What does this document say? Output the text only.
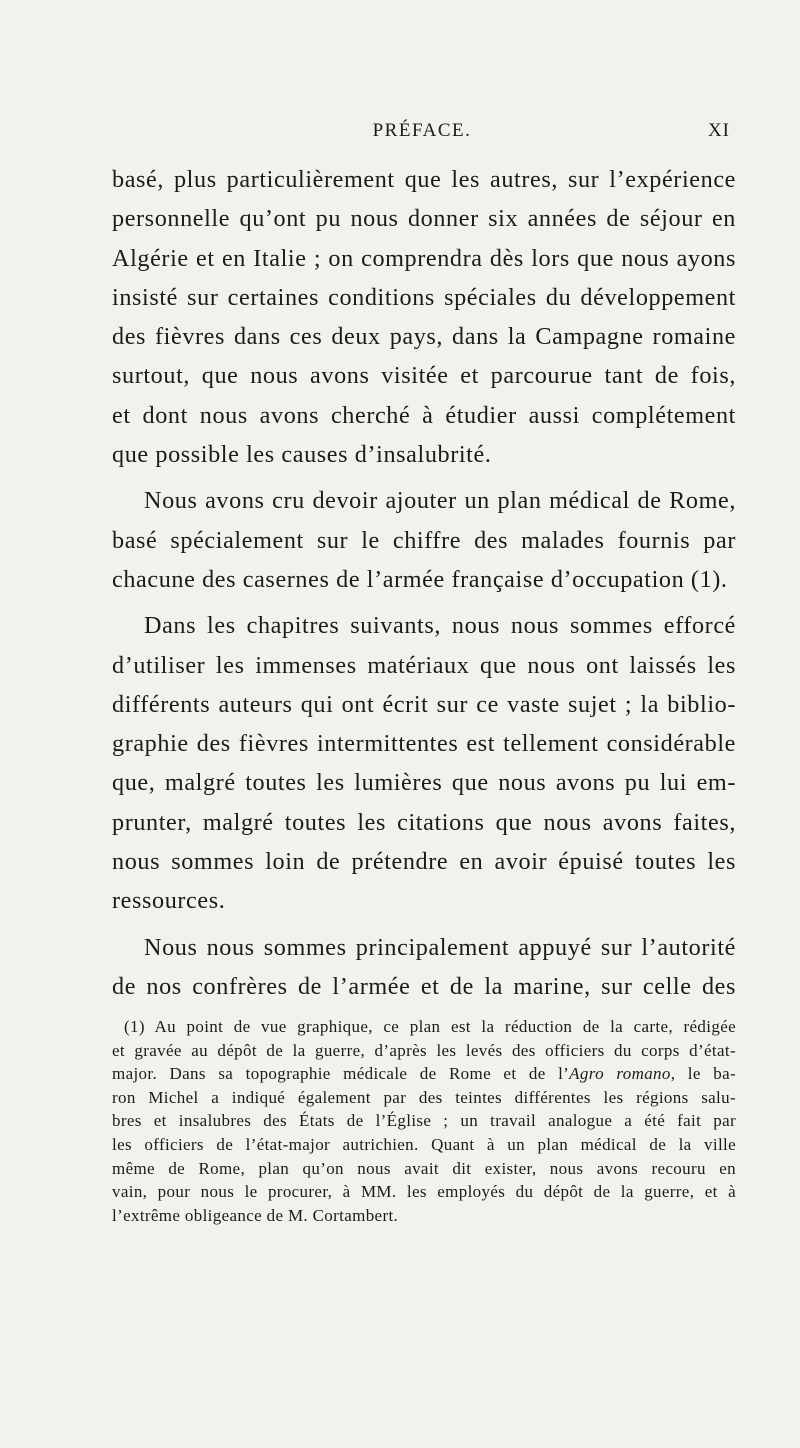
PRÉFACE.	XI
basé, plus particulièrement que les autres, sur l’expérience
personnelle qu’ont pu nous donner six années de séjour en
Algérie et en Italie ; on comprendra dès lors que nous ayons
insisté sur certaines conditions spéciales du développement
des fièvres dans ces deux pays, dans la Campagne romaine
surtout, que nous avons visitée et parcourue tant de fois,
et dont nous avons cherché à étudier aussi complétement
que possible les causes d’insalubrité.
Nous avons cru devoir ajouter un plan médical de Rome,
basé spécialement sur le chiffre des malades fournis par
chacune des casernes de l’armée française d’occupation (1).
Dans les chapitres suivants, nous nous sommes efforcé
d’utiliser les immenses matériaux que nous ont laissés les
différents auteurs qui ont écrit sur ce vaste sujet ; la biblio-
graphie des fièvres intermittentes est tellement considérable
que, malgré toutes les lumières que nous avons pu lui em-
prunter, malgré toutes les citations que nous avons faites,
nous sommes loin de prétendre en avoir épuisé toutes les
ressources.
Nous nous sommes principalement appuyé sur l’autorité
de nos confrères de l’armée et de la marine, sur celle des
(1) Au point de vue graphique, ce plan est la réduction de la carte, rédigée
et gravée au dépôt de la guerre, d’après les levés des officiers du corps d’état-
major. Dans sa topographie médicale de Rome et de l’Agro romano, le ba-
ron Michel a indiqué également par des teintes différentes les régions salu-
bres et insalubres des États de l’Église ; un travail analogue a été fait par
les officiers de l’état-major autrichien. Quant à un plan médical de la ville
même de Rome, plan qu’on nous avait dit exister, nous avons recouru en
vain, pour nous le procurer, à MM. les employés du dépôt de la guerre, et à
l’extrême obligeance de M. Cortambert.
